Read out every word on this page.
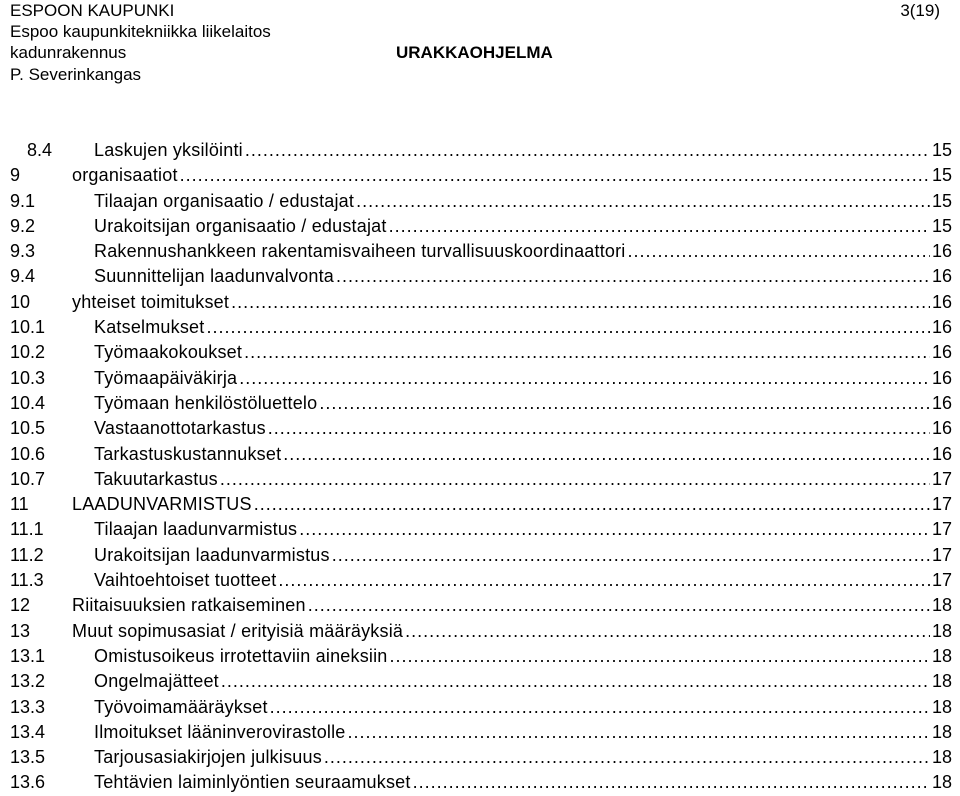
ESPOON KAUPUNKI	3(19)
Espoo kaupunkitekniikka liikelaitos
kadunrakennus	URAKKAOHJELMA
P. Severinkangas
8.4 Laskujen yksilöinti .....	15
9	organisaatiot .....	15
9.1	Tilaajan organisaatio / edustajat .....	15
9.2	Urakoitsijan organisaatio / edustajat .....	15
9.3	Rakennushankkeen rakentamisvaiheen turvallisuuskoordinaattori .....	16
9.4	Suunnittelijan laadunvalvonta .....	16
10 yhteiset toimitukset .....	16
10.1	Katselmukset .....	16
10.2	Työmaakokoukset .....	16
10.3	Työmaapäiväkirja .....	16
10.4	Työmaan henkilöstöluettelo .....	16
10.5	Vastaanottotarkastus .....	16
10.6	Tarkastuskustannukset .....	16
10.7	Takuutarkastus .....	17
11 LAADUNVARMISTUS .....	17
11.1	Tilaajan laadunvarmistus .....	17
11.2	Urakoitsijan laadunvarmistus .....	17
11.3	Vaihtoehtoiset tuotteet .....	17
12 Riitaisuuksien ratkaiseminen .....	18
13 Muut sopimusasiat / erityisiä määräyksiä .....	18
13.1	Omistusoikeus irrotettaviin aineksiin .....	18
13.2	Ongelmajätteet .....	18
13.3	Työvoimamääräykset .....	18
13.4	Ilmoitukset lääninverovirastolle .....	18
13.5	Tarjousasiakirjojen julkisuus .....	18
13.6	Tehtävien laiminlyöntien seuraamukset .....	18
